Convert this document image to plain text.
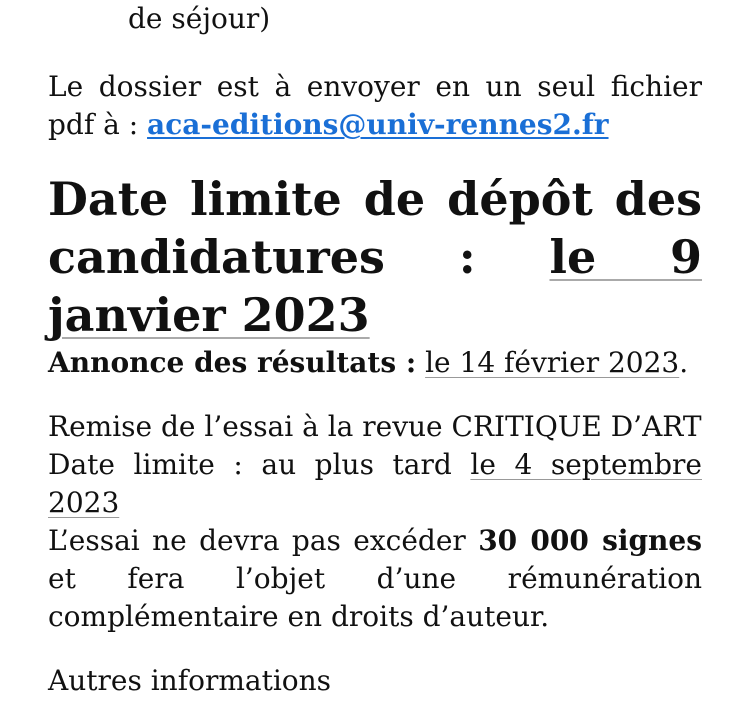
de séjour)

Le dossier est à envoyer en un seul fichier pdf à : aca-editions@univ-rennes2.fr

Date limite de dépôt des candidatures : le 9 janvier 2023

Annonce des résultats : le 14 février 2023.

Remise de l’essai à la revue CRITIQUE D’ART
Date limite : au plus tard le 4 septembre 2023
L’essai ne devra pas excéder 30 000 signes et fera l’objet d’une rémunération complémentaire en droits d’auteur.

Autres informations
